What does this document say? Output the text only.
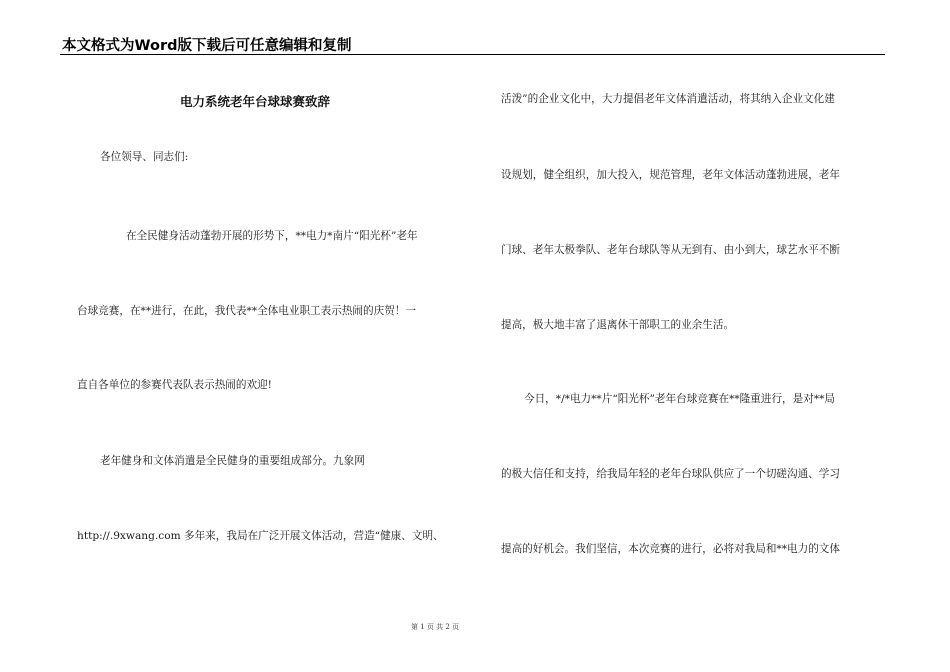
本文格式为Word版下载后可任意编辑和复制
电力系统老年台球球赛致辞
各位领导、同志们:
在全民健身活动蓬勃开展的形势下，**电力*南片“阳光杯”老年
台球竞赛，在**进行，在此，我代表**全体电业职工表示热闹的庆贺！一
直自各单位的参赛代表队表示热闹的欢迎!
老年健身和文体消遣是全民健身的重要组成部分。九象网
http://.9xwang.com 多年来，我局在广泛开展文体活动，营造“健康、文明、
活泼”的企业文化中，大力提倡老年文体消遣活动，将其纳入企业文化建
设规划，健全组织，加大投入，规范管理，老年文体活动蓬勃进展，老年
门球、老年太极拳队、老年台球队等从无到有、由小到大，球艺水平不断
提高，极大地丰富了退离休干部职工的业余生活。
今日，*/*电力**片“阳光杯”老年台球竞赛在**隆重进行，是对**局
的极大信任和支持，给我局年轻的老年台球队供应了一个切磋沟通、学习
提高的好机会。我们坚信，本次竞赛的进行，必将对我局和**电力的文体
第 1 页 共 2 页
